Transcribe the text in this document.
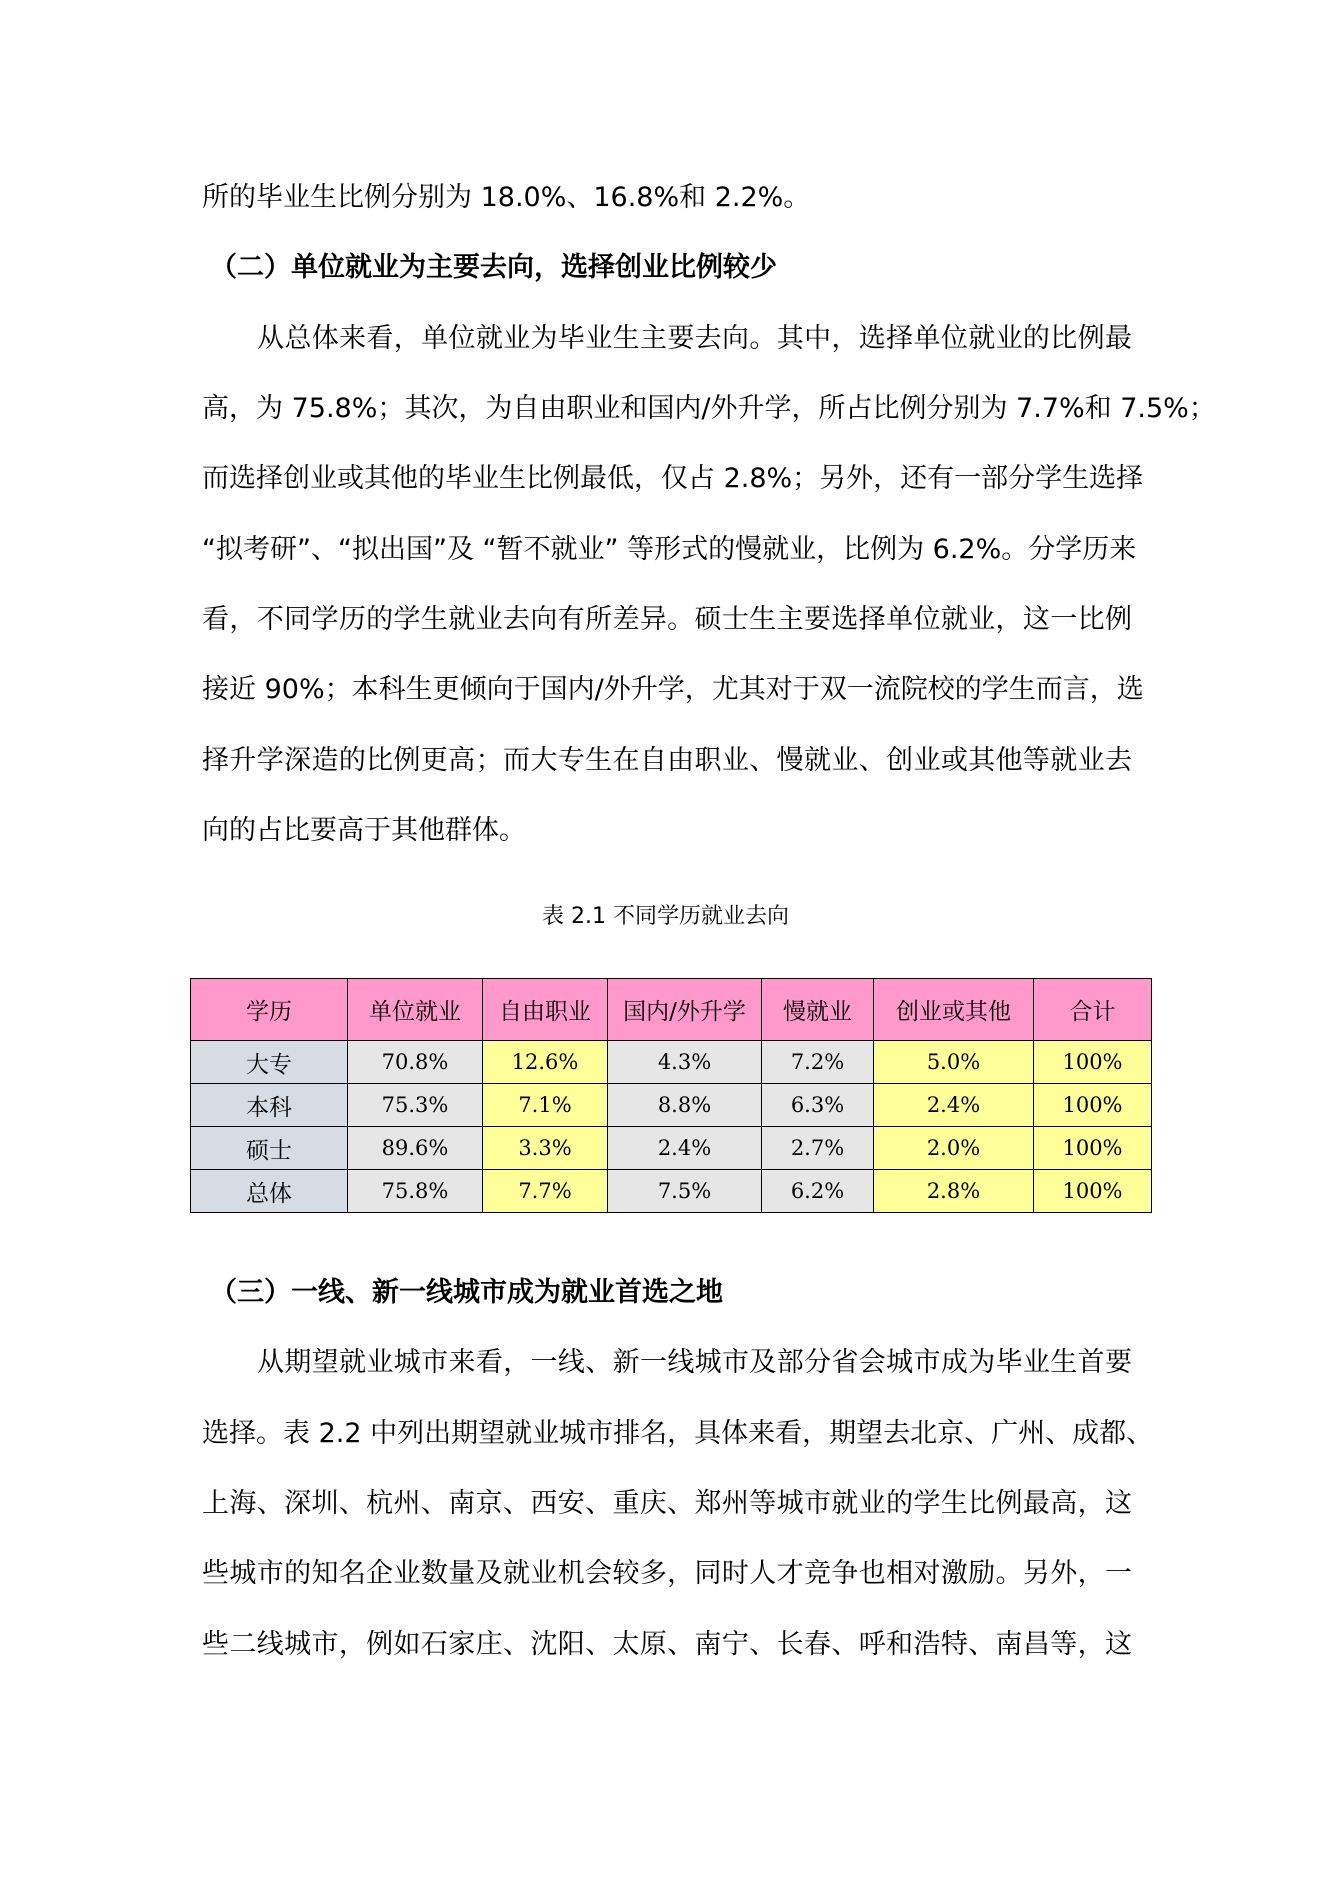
所的毕业生比例分别为 18.0%、16.8%和 2.2%。
（二）单位就业为主要去向，选择创业比例较少
从总体来看，单位就业为毕业生主要去向。其中，选择单位就业的比例最
高，为 75.8%；其次，为自由职业和国内/外升学，所占比例分别为 7.7%和 7.5%；
而选择创业或其他的毕业生比例最低，仅占 2.8%；另外，还有一部分学生选择
“拟考研”、“拟出国”及 “暂不就业” 等形式的慢就业，比例为 6.2%。分学历来
看，不同学历的学生就业去向有所差异。硕士生主要选择单位就业，这一比例
接近 90%；本科生更倾向于国内/外升学，尤其对于双一流院校的学生而言，选
择升学深造的比例更高；而大专生在自由职业、慢就业、创业或其他等就业去
向的占比要高于其他群体。
表 2.1 不同学历就业去向
学历	单位就业	自由职业	国内/外升学	慢就业	创业或其他	合计
大专	70.8%	12.6%	4.3%	7.2%	5.0%	100%
本科	75.3%	7.1%	8.8%	6.3%	2.4%	100%
硕士	89.6%	3.3%	2.4%	2.7%	2.0%	100%
总体	75.8%	7.7%	7.5%	6.2%	2.8%	100%
（三）一线、新一线城市成为就业首选之地
从期望就业城市来看，一线、新一线城市及部分省会城市成为毕业生首要
选择。表 2.2 中列出期望就业城市排名，具体来看，期望去北京、广州、成都、
上海、深圳、杭州、南京、西安、重庆、郑州等城市就业的学生比例最高，这
些城市的知名企业数量及就业机会较多，同时人才竞争也相对激励。另外，一
些二线城市，例如石家庄、沈阳、太原、南宁、长春、呼和浩特、南昌等，这
